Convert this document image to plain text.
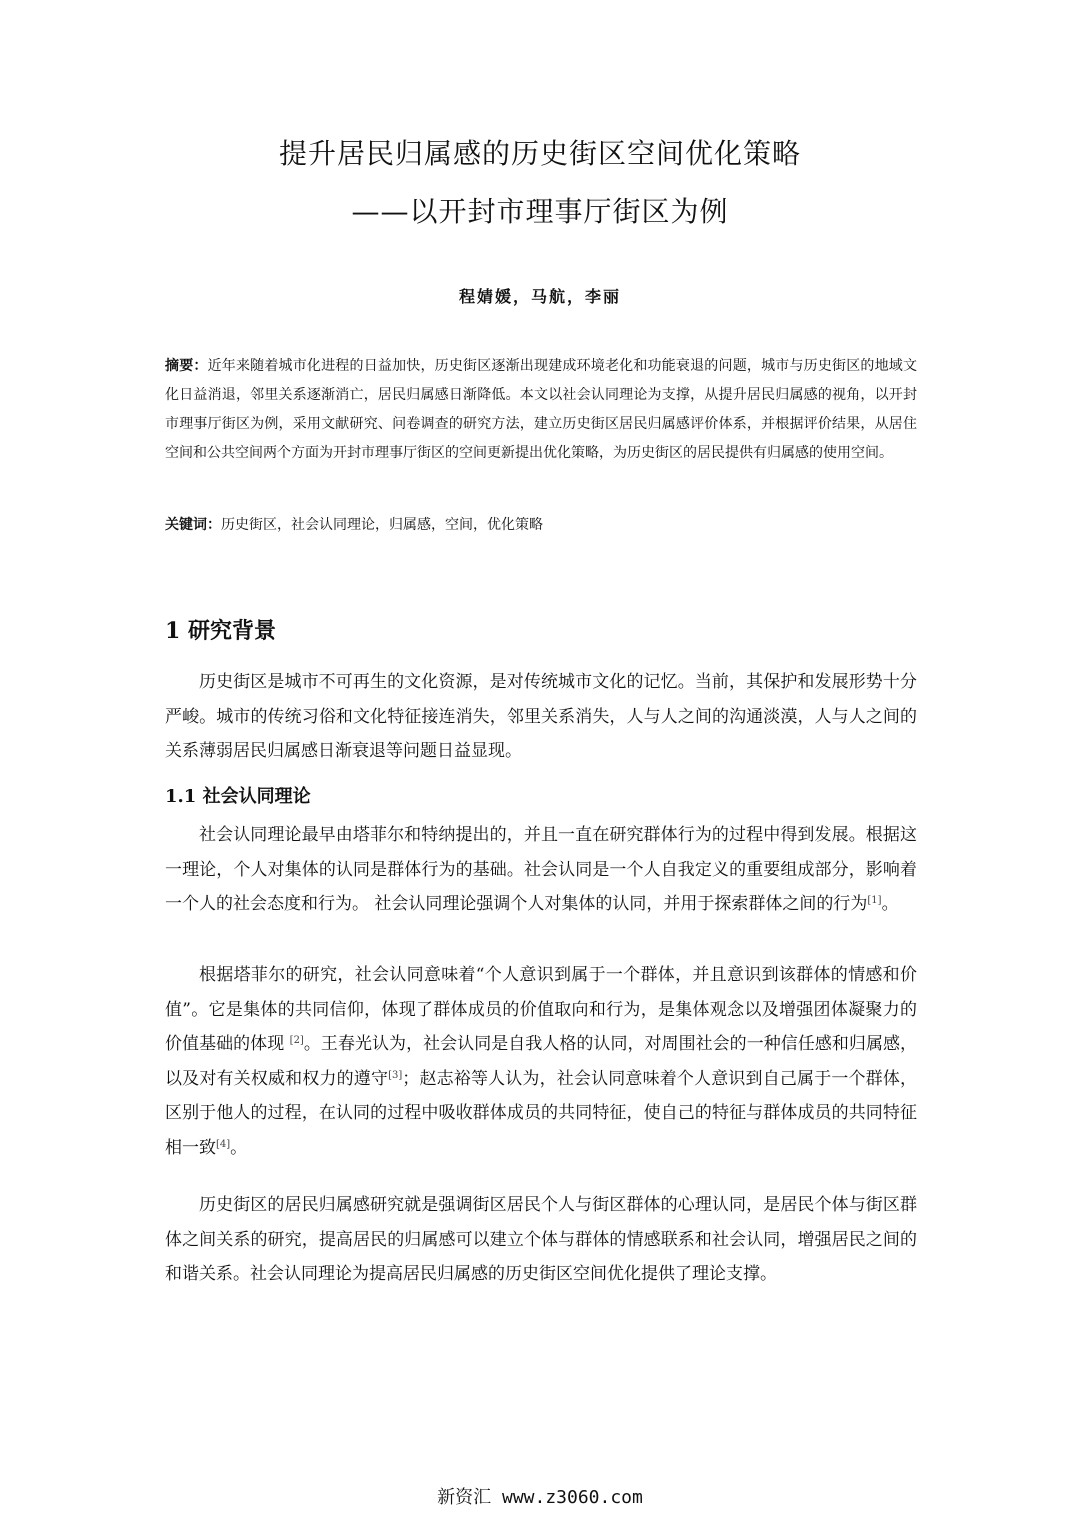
提升居民归属感的历史街区空间优化策略
——以开封市理事厅街区为例
程婧媛，马航，李丽
摘要：近年来随着城市化进程的日益加快，历史街区逐渐出现建成环境老化和功能衰退的问题，城市与历史街区的地域文化日益消退，邻里关系逐渐消亡，居民归属感日渐降低。本文以社会认同理论为支撑，从提升居民归属感的视角，以开封市理事厅街区为例，采用文献研究、问卷调查的研究方法，建立历史街区居民归属感评价体系，并根据评价结果，从居住空间和公共空间两个方面为开封市理事厅街区的空间更新提出优化策略，为历史街区的居民提供有归属感的使用空间。
关键词：历史街区，社会认同理论，归属感，空间，优化策略
1 研究背景
历史街区是城市不可再生的文化资源，是对传统城市文化的记忆。当前，其保护和发展形势十分严峻。城市的传统习俗和文化特征接连消失，邻里关系消失，人与人之间的沟通淡漠，人与人之间的关系薄弱居民归属感日渐衰退等问题日益显现。
1.1 社会认同理论
社会认同理论最早由塔菲尔和特纳提出的，并且一直在研究群体行为的过程中得到发展。根据这一理论，个人对集体的认同是群体行为的基础。社会认同是一个人自我定义的重要组成部分，影响着一个人的社会态度和行为。 社会认同理论强调个人对集体的认同，并用于探索群体之间的行为[1]。
根据塔菲尔的研究，社会认同意味着“个人意识到属于一个群体，并且意识到该群体的情感和价值”。它是集体的共同信仰，体现了群体成员的价值取向和行为，是集体观念以及增强团体凝聚力的价值基础的体现 [2]。王春光认为，社会认同是自我人格的认同，对周围社会的一种信任感和归属感，以及对有关权威和权力的遵守[3]；赵志裕等人认为，社会认同意味着个人意识到自己属于一个群体，区别于他人的过程，在认同的过程中吸收群体成员的共同特征，使自己的特征与群体成员的共同特征相一致[4]。
历史街区的居民归属感研究就是强调街区居民个人与街区群体的心理认同，是居民个体与街区群体之间关系的研究，提高居民的归属感可以建立个体与群体的情感联系和社会认同，增强居民之间的和谐关系。社会认同理论为提高居民归属感的历史街区空间优化提供了理论支撑。
新资汇 www.z3060.com
